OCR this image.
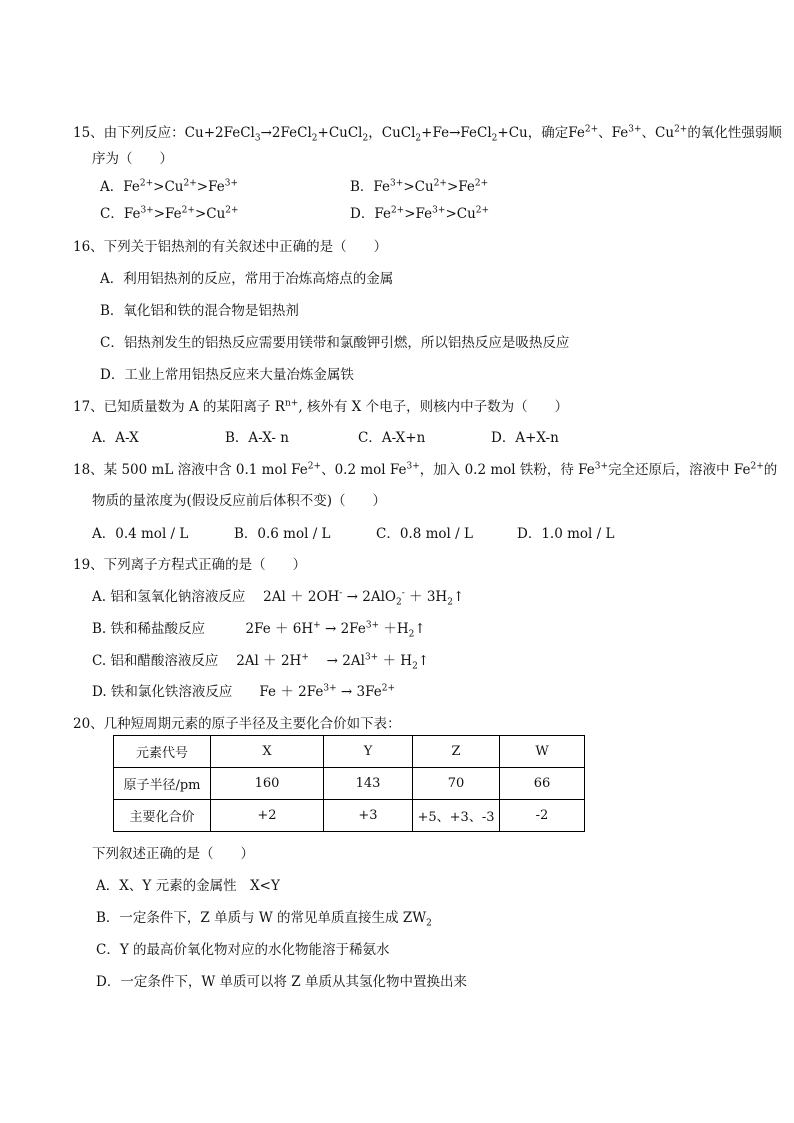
15、由下列反应：Cu+2FeCl$_3$→2FeCl$_2$+CuCl$_2$，CuCl$_2$+Fe→FeCl$_2$+Cu，确定$Fe^{2+}$、$Fe^{3+}$、$Cu^{2+}$的氧化性强弱顺
序为（　　）
A．$Fe^{2+}>Cu^{2+}>Fe^{3+}$	B．$Fe^{3+}>Cu^{2+}>Fe^{2+}$
C．$Fe^{3+}>Fe^{2+}>Cu^{2+}$	D．$Fe^{2+}>Fe^{3+}>Cu^{2+}$
16、下列关于铝热剂的有关叙述中正确的是（　　）
A．利用铝热剂的反应，常用于冶炼高熔点的金属
B．氧化铝和铁的混合物是铝热剂
C．铝热剂发生的铝热反应需要用镁带和氯酸钾引燃，所以铝热反应是吸热反应
D．工业上常用铝热反应来大量冶炼金属铁
17、已知质量数为 A 的某阳离子 $R^{n+}$, 核外有 X 个电子，则核内中子数为（　　）
A．A-X	B．A-X- n	C．A-X+n	D．A+X-n
18、某 500 mL 溶液中含 0.1 mol $Fe^{2+}$、0.2 mol $Fe^{3+}$，加入 0.2 mol 铁粉，待 $Fe^{3+}$完全还原后，溶液中 $Fe^{2+}$的
物质的量浓度为(假设反应前后体积不变)（　　）
A．0.4 mol / L	B．0.6 mol / L	C．0.8 mol / L	D．1.0 mol / L
19、下列离子方程式正确的是（　　）
A. 铝和氢氧化钠溶液反应　 $2Al + 2OH^- \to 2AlO_2^- + 3H_2↑$
B. 铁和稀盐酸反应　　　$2Fe + 6H^+ \to 2Fe^{3+}$ $+H_2↑$
C. 铝和醋酸溶液反应　 2Al ＋ 2H+ 　→ $2Al^{3+}$ ＋ $H_2↑$
D. 铁和氯化铁溶液反应　　$Fe + 2Fe^{3+} \to 3Fe^{2+}$
20、几种短周期元素的原子半径及主要化合价如下表：
元素代号	X	Y	Z	W
原子半径/pm	160	143	70	66
主要化合价	+2	+3	+5、+3、-3	-2
下列叙述正确的是（　　）
A．X、Y 元素的金属性　X<Y
B．一定条件下，Z 单质与 W 的常见单质直接生成 $ZW_2$
C．Y 的最高价氧化物对应的水化物能溶于稀氨水
D．一定条件下，W 单质可以将 Z 单质从其氢化物中置换出来
